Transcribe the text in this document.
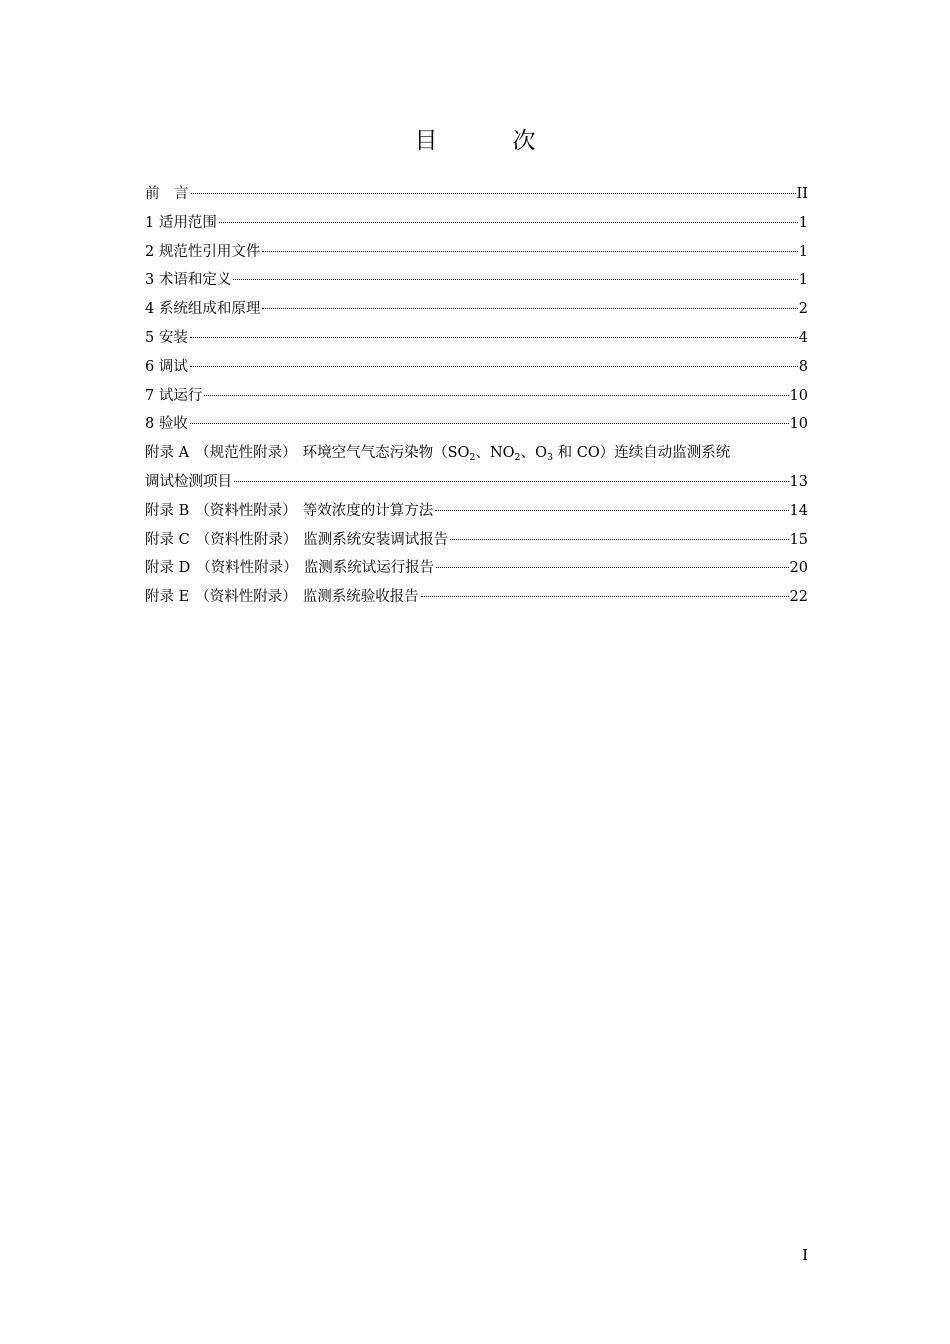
目　次
前　言	II
1 适用范围	1
2 规范性引用文件	1
3 术语和定义	1
4 系统组成和原理	2
5 安装	4
6 调试	8
7 试运行	10
8 验收	10
附录 A （规范性附录） 环境空气气态污染物（$SO_2$、$NO_2$、$O_3$ 和 CO）连续自动监测系统
调试检测项目	13
附录 B （资料性附录） 等效浓度的计算方法	14
附录 C （资料性附录） 监测系统安装调试报告	15
附录 D （资料性附录） 监测系统试运行报告	20
附录 E （资料性附录） 监测系统验收报告	22
I
